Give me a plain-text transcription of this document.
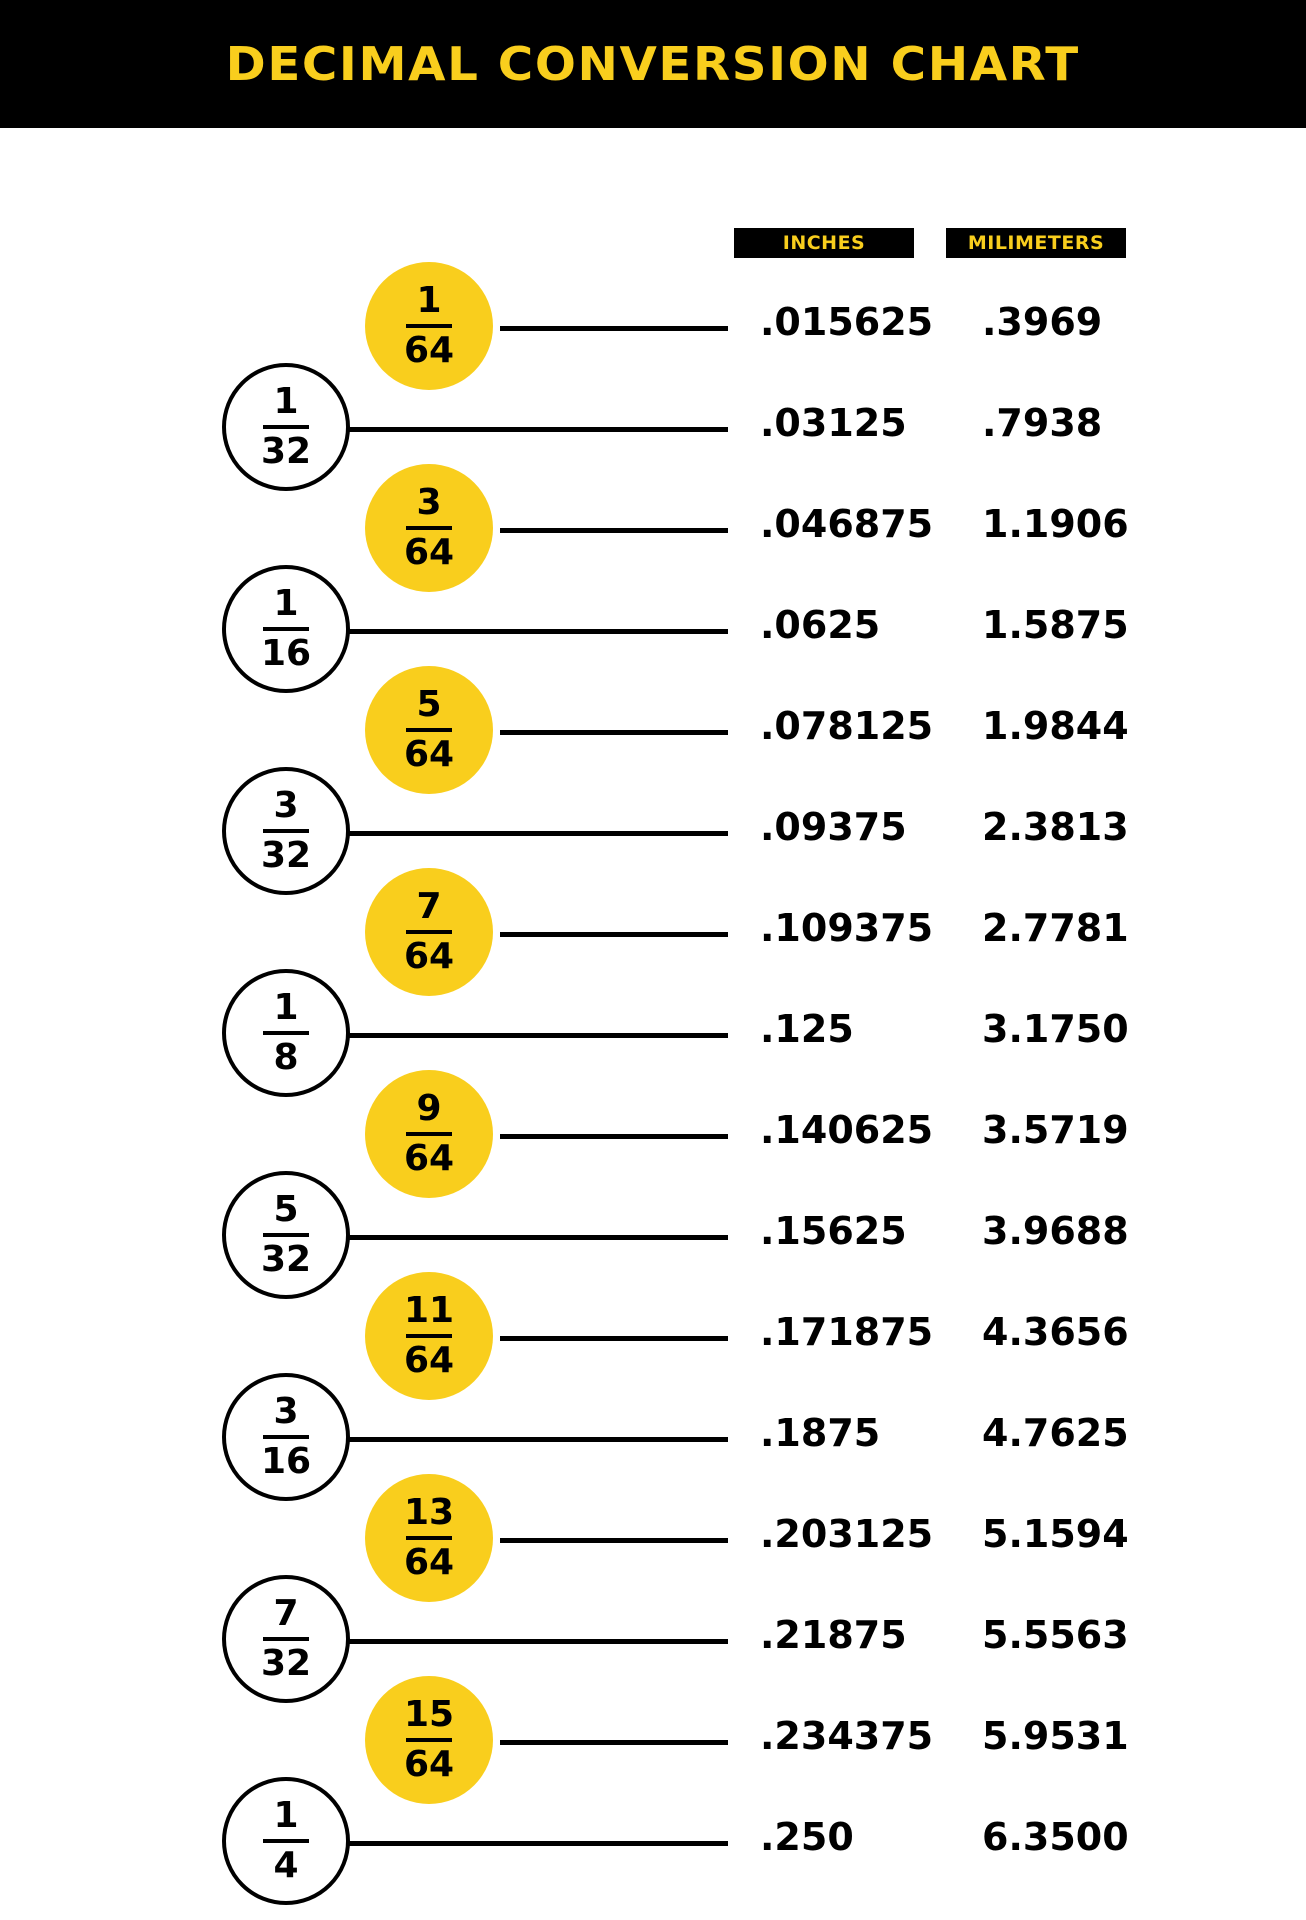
DECIMAL CONVERSION CHART
INCHES	MILIMETERS
$\frac{1}{64}$	.015625 .3969
$\frac{1}{32}$	.03125 .7938
$\frac{3}{64}$	.046875 1.1906
$\frac{1}{16}$	.0625	1.5875
$\frac{5}{64}$	.078125 1.9844
$\frac{3}{32}$	.09375 2.3813
$\frac{7}{64}$	.109375 2.7781
$\frac{1}{8}$	.125	3.1750
$\frac{9}{64}$	.140625 3.5719
$\frac{5}{32}$	.15625 3.9688
$\frac{11}{64}$	.171875 4.3656
$\frac{3}{16}$	.1875	4.7625
$\frac{13}{64}$	.203125 5.1594
$\frac{7}{32}$	.21875 5.5563
$\frac{15}{64}$	.234375 5.9531
$\frac{1}{4}$	.250	6.3500
